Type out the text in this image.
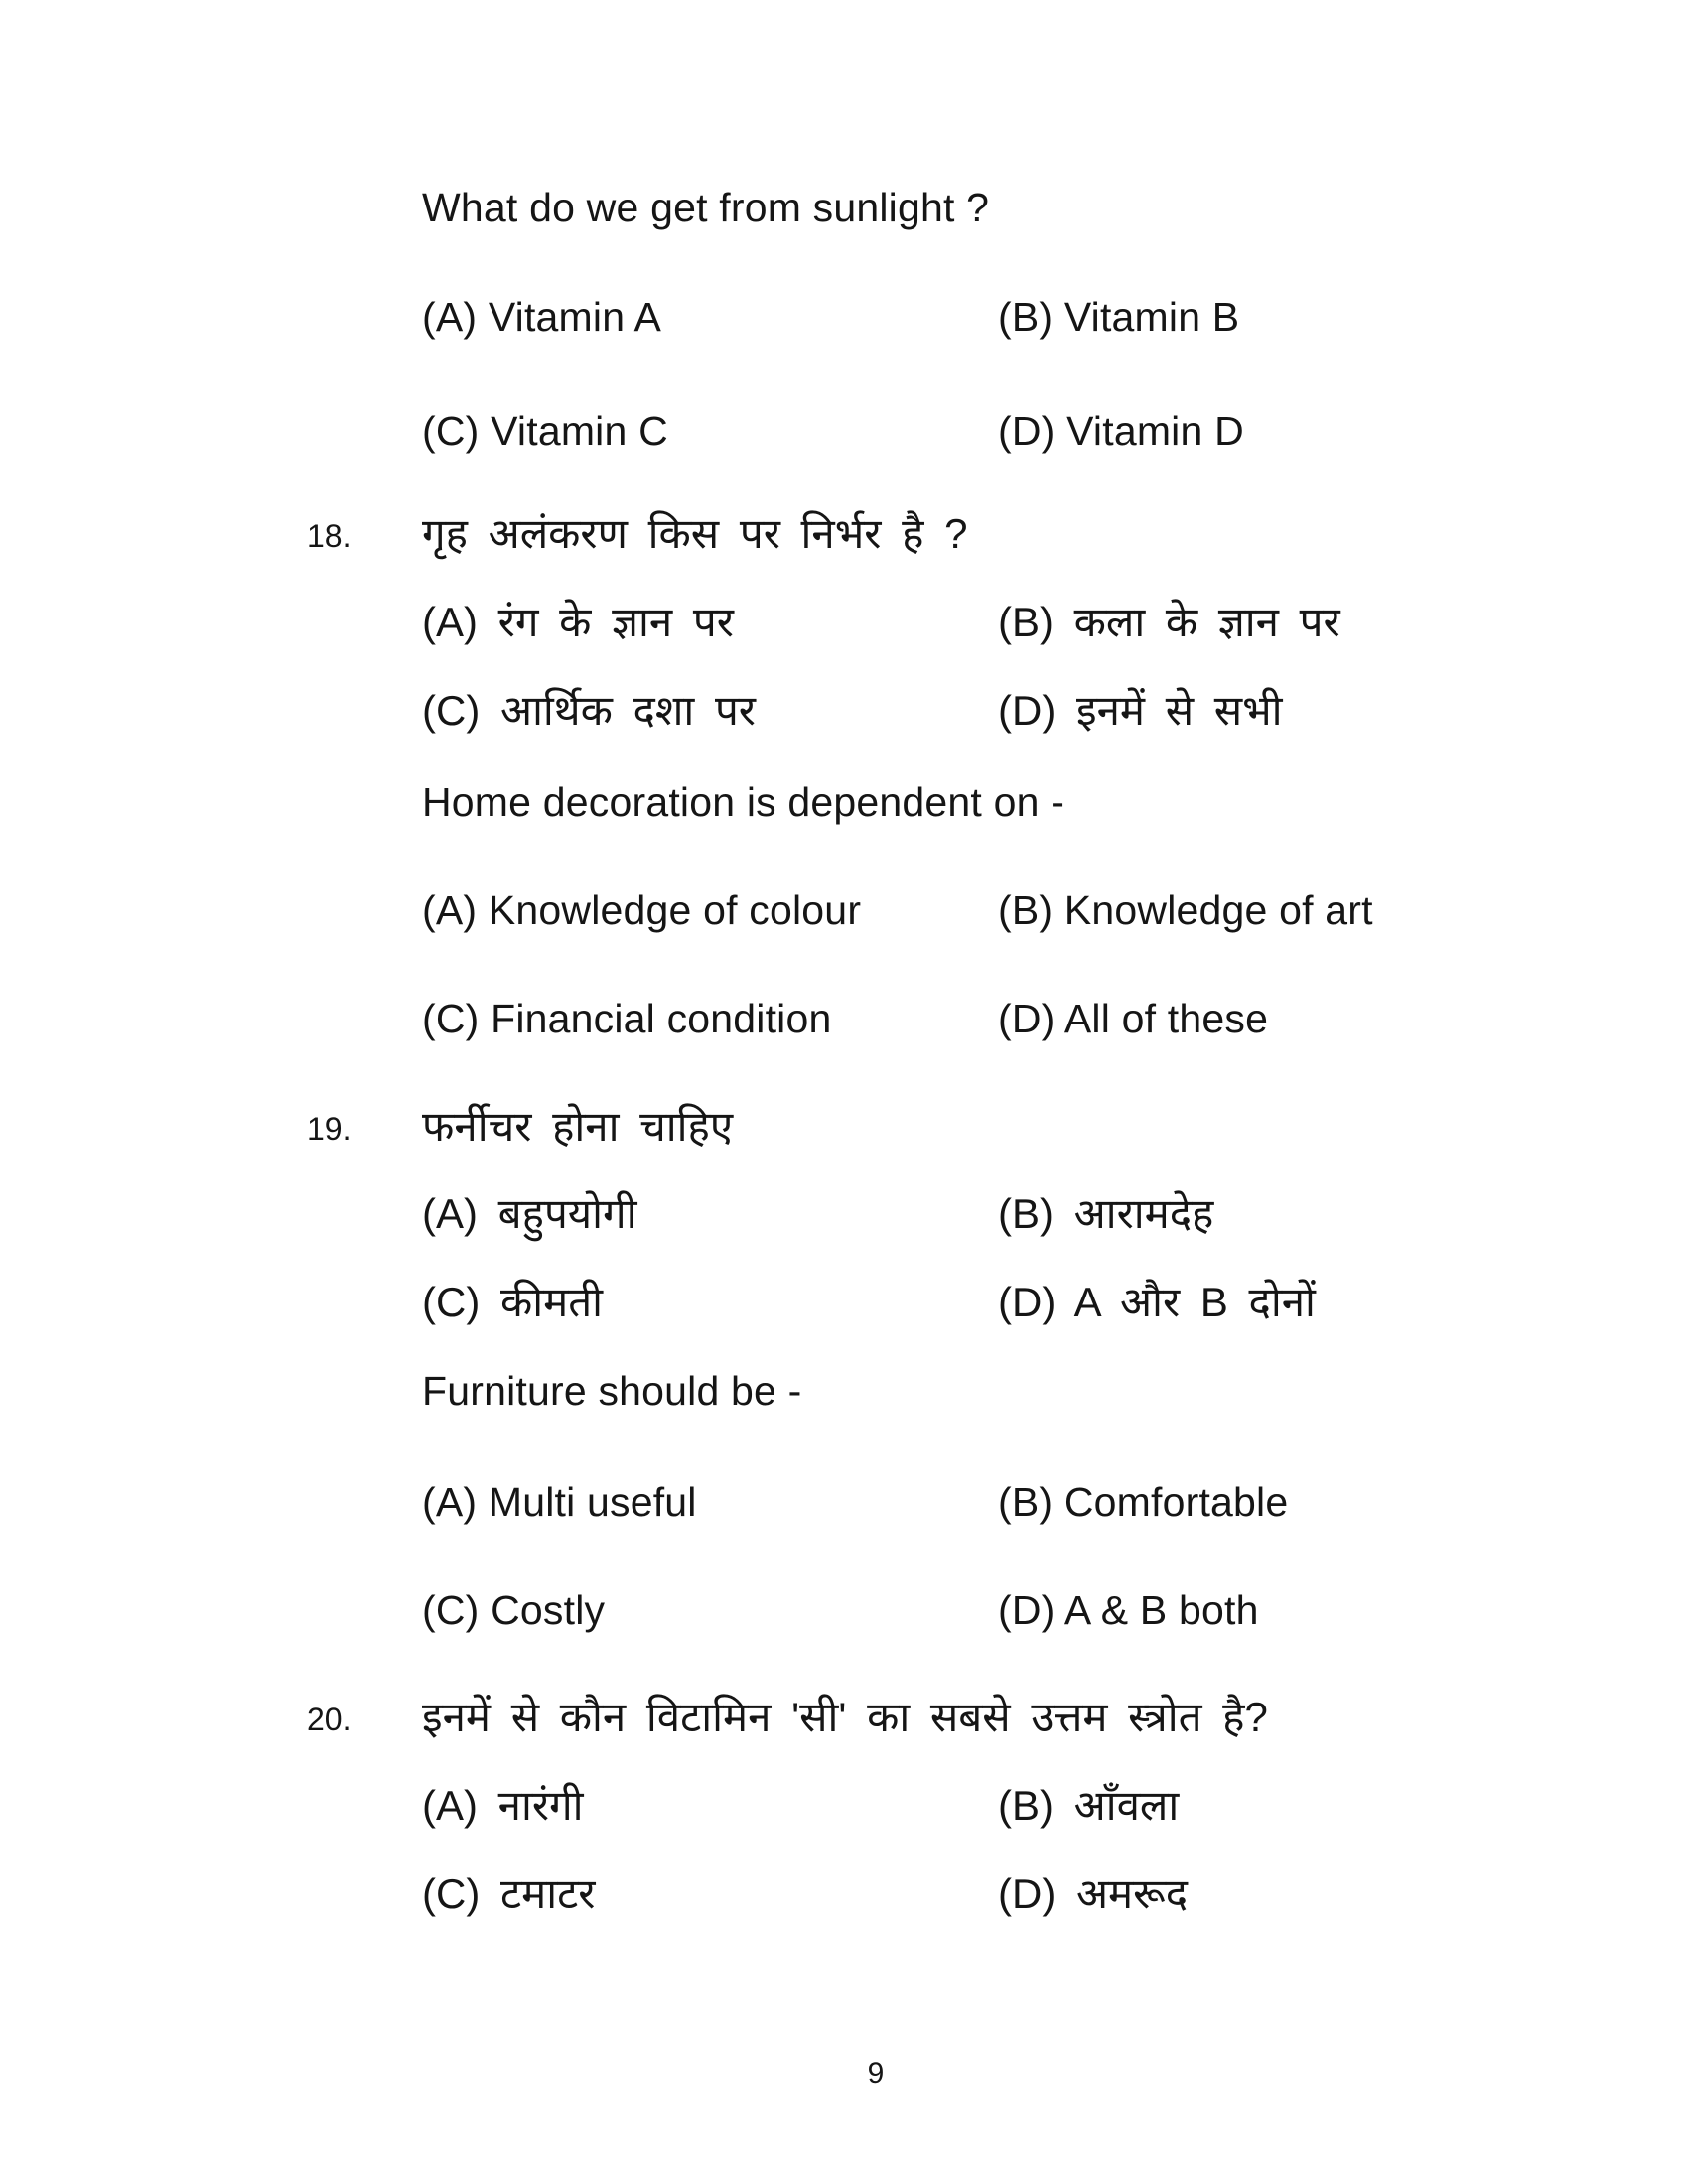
What do we get from sunlight ?
(A) Vitamin A	(B) Vitamin B
(C) Vitamin C	(D) Vitamin D
18. गृह अलंकरण किस पर निर्भर है ?
(A) रंग के ज्ञान पर	(B) कला के ज्ञान पर
(C) आर्थिक दशा पर	(D) इनमें से सभी
Home decoration is dependent on -
(A) Knowledge of colour	(B) Knowledge of art
(C) Financial condition	(D) All of these
19. फर्नीचर होना चाहिए
(A) बहुपयोगी	(B) आरामदेह
(C) कीमती	(D) A और B दोनों
Furniture should be -
(A) Multi useful	(B) Comfortable
(C) Costly	(D) A & B both
20. इनमें से कौन विटामिन 'सी' का सबसे उत्तम स्त्रोत है?
(A) नारंगी	(B) आँवला
(C) टमाटर	(D) अमरूद
9
